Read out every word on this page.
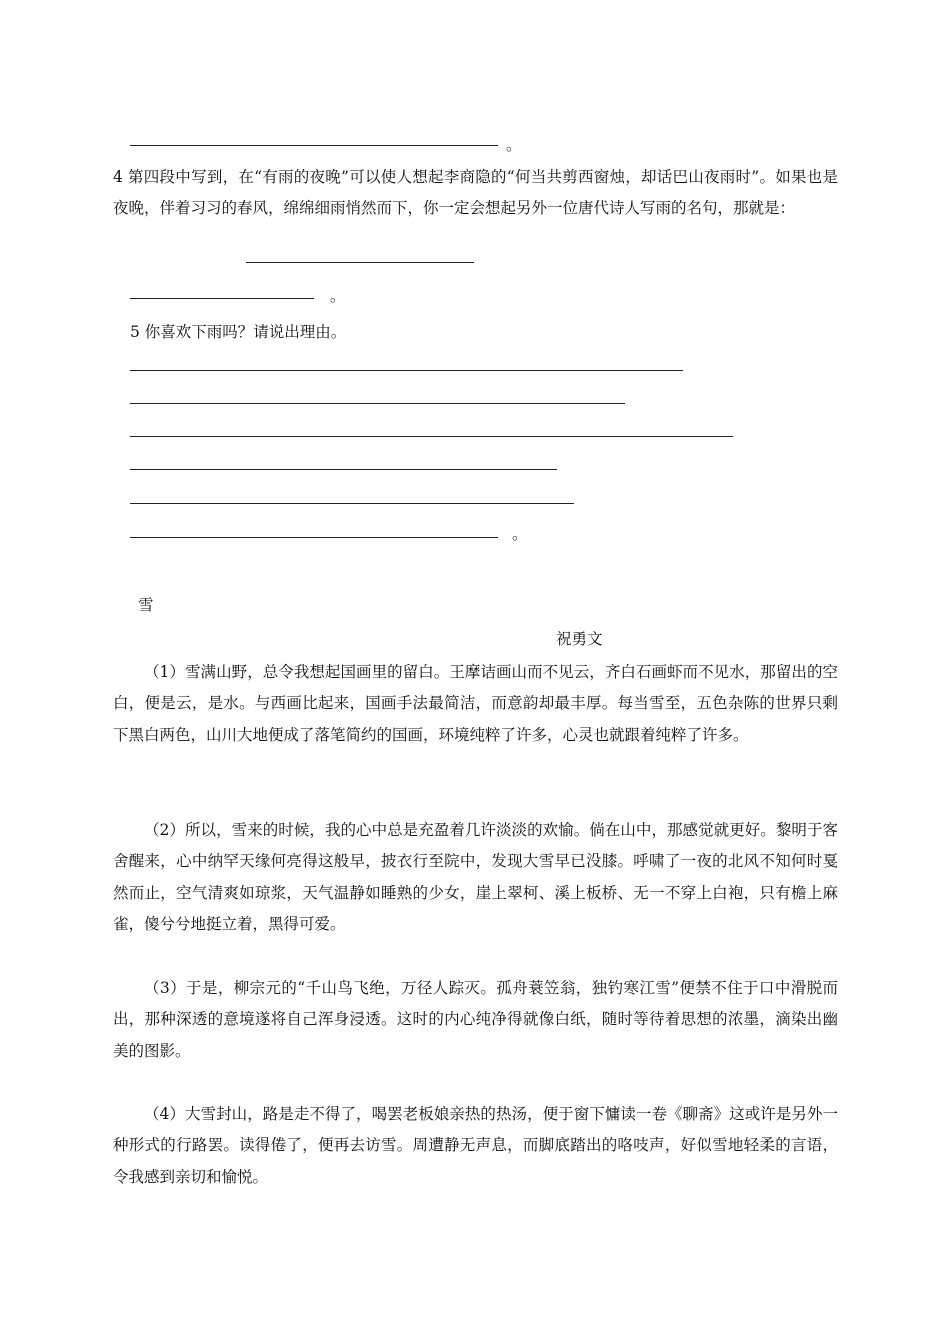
。
4 第四段中写到，在“有雨的夜晚”可以使人想起李商隐的“何当共剪西窗烛，却话巴山夜雨时”。如果也是夜晚，伴着习习的春风，绵绵细雨悄然而下，你一定会想起另外一位唐代诗人写雨的名句，那就是：
。
5 你喜欢下雨吗？请说出理由。
。
雪
祝勇文
（1）雪满山野，总令我想起国画里的留白。王摩诘画山而不见云，齐白石画虾而不见水，那留出的空白，便是云，是水。与西画比起来，国画手法最简洁，而意韵却最丰厚。每当雪至，五色杂陈的世界只剩下黑白两色，山川大地便成了落笔简约的国画，环境纯粹了许多，心灵也就跟着纯粹了许多。
（2）所以，雪来的时候，我的心中总是充盈着几许淡淡的欢愉。倘在山中，那感觉就更好。黎明于客舍醒来，心中纳罕天缘何亮得这般早，披衣行至院中，发现大雪早已没膝。呼啸了一夜的北风不知何时戛然而止，空气清爽如琼浆，天气温静如睡熟的少女，崖上翠柯、溪上板桥、无一不穿上白袍，只有檐上麻雀，傻兮兮地挺立着，黑得可爱。
（3）于是，柳宗元的“千山鸟飞绝，万径人踪灭。孤舟蓑笠翁，独钓寒江雪”便禁不住于口中滑脱而出，那种深透的意境遂将自己浑身浸透。这时的内心纯净得就像白纸，随时等待着思想的浓墨，滴染出幽美的图影。
（4）大雪封山，路是走不得了，喝罢老板娘亲热的热汤，便于窗下慵读一卷《聊斋》这或许是另外一种形式的行路罢。读得倦了，便再去访雪。周遭静无声息，而脚底踏出的咯吱声，好似雪地轻柔的言语，令我感到亲切和愉悦。
